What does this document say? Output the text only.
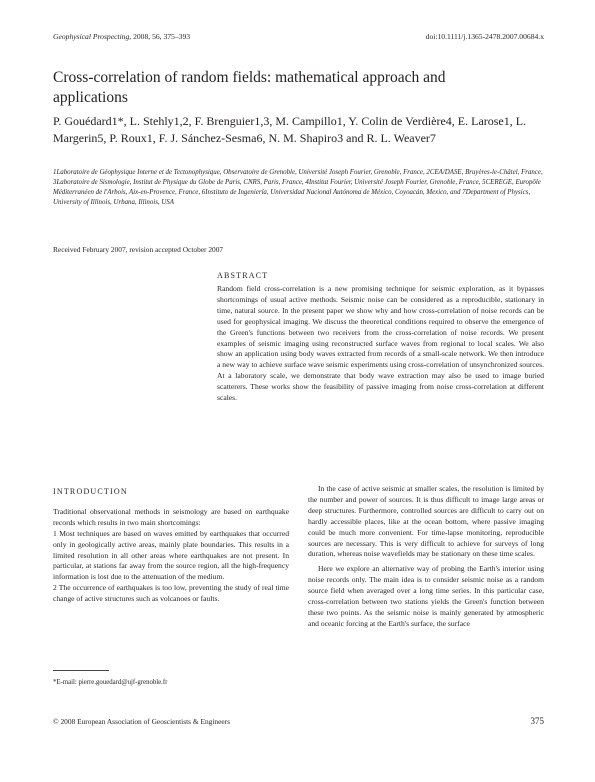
Geophysical Prospecting, 2008, 56, 375–393	doi:10.1111/j.1365-2478.2007.00684.x
Cross-correlation of random fields: mathematical approach and applications
P. Gouédard1*, L. Stehly1,2, F. Brenguier1,3, M. Campillo1, Y. Colin de Verdière4, E. Larose1, L. Margerin5, P. Roux1, F. J. Sánchez-Sesma6, N. M. Shapiro3 and R. L. Weaver7
1Laboratoire de Géophysique Interne et de Tectonophysique, Observatoire de Grenoble, Université Joseph Fourier, Grenoble, France, 2CEA/DASE, Bruyères-le-Châtel, France, 3Laboratoire de Sismologie, Institut de Physique du Globe de Paris, CNRS, Paris, France, 4Institut Fourier, Université Joseph Fourier, Grenoble, France, 5CEREGE, Europôle Méditerranéen de l'Arbois, Aix-en-Provence, France, 6Instituto de Ingeniería, Universidad Nacional Autónoma de México, Coyoacán, Mexico, and 7Department of Physics, University of Illinois, Urbana, Illinois, USA
Received February 2007, revision accepted October 2007
ABSTRACT

Random field cross-correlation is a new promising technique for seismic exploration, as it bypasses shortcomings of usual active methods. Seismic noise can be considered as a reproducible, stationary in time, natural source. In the present paper we show why and how cross-correlation of noise records can be used for geophysical imaging. We discuss the theoretical conditions required to observe the emergence of the Green's functions between two receivers from the cross-correlation of noise records. We present examples of seismic imaging using reconstructed surface waves from regional to local scales. We also show an application using body waves extracted from records of a small-scale network. We then introduce a new way to achieve surface wave seismic experiments using cross-correlation of unsynchronized sources. At a laboratory scale, we demonstrate that body wave extraction may also be used to image buried scatterers. These works show the feasibility of passive imaging from noise cross-correlation at different scales.

INTRODUCTION

Traditional observational methods in seismology are based on earthquake records which results in two main shortcomings:

1 Most techniques are based on waves emitted by earthquakes that occurred only in geologically active areas, mainly plate boundaries. This results in a limited resolution in all other areas where earthquakes are not present. In particular, at stations far away from the source region, all the high-frequency information is lost due to the attenuation of the medium.

2 The occurrence of earthquakes is too low, preventing the study of real time change of active structures such as volcanoes or faults.

In the case of active seismic at smaller scales, the resolution is limited by the number and power of sources. It is thus difficult to image large areas or deep structures. Furthermore, controlled sources are difficult to carry out on hardly accessible places, like at the ocean bottom, where passive imaging could be much more convenient. For time-lapse monitoring, reproducible sources are necessary. This is very difficult to achieve for surveys of long duration, whereas noise wavefields may be stationary on these time scales.

Here we explore an alternative way of probing the Earth's interior using noise records only. The main idea is to consider seismic noise as a random source field when averaged over a long time series. In this particular case, cross-correlation between two stations yields the Green's function between these two points. As the seismic noise is mainly generated by atmospheric and oceanic forcing at the Earth's surface, the surface

*E-mail: pierre.gouedard@ujf-grenoble.fr
© 2008 European Association of Geoscientists & Engineers	375
